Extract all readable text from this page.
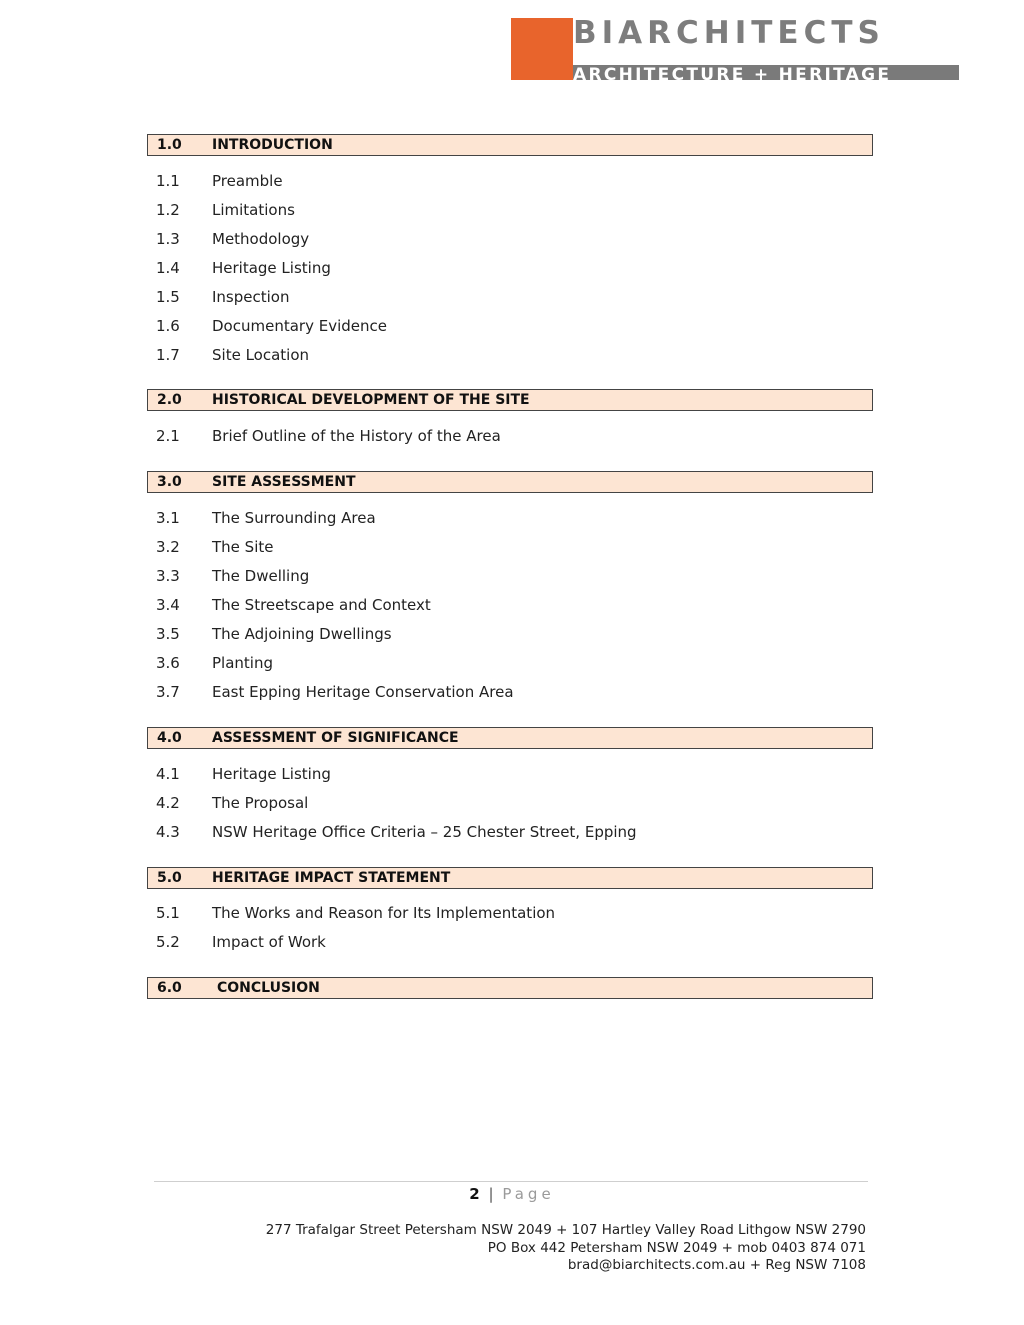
BIARCHITECTS
ARCHITECTURE + HERITAGE
1.0 INTRODUCTION
1.1 Preamble
1.2 Limitations
1.3 Methodology
1.4 Heritage Listing
1.5 Inspection
1.6 Documentary Evidence
1.7 Site Location
2.0 HISTORICAL DEVELOPMENT OF THE SITE
2.1 Brief Outline of the History of the Area
3.0 SITE ASSESSMENT
3.1 The Surrounding Area
3.2 The Site
3.3 The Dwelling
3.4 The Streetscape and Context
3.5 The Adjoining Dwellings
3.6 Planting
3.7 East Epping Heritage Conservation Area
4.0 ASSESSMENT OF SIGNIFICANCE
4.1 Heritage Listing
4.2 The Proposal
4.3 NSW Heritage Office Criteria – 25 Chester Street, Epping
5.0 HERITAGE IMPACT STATEMENT
5.1 The Works and Reason for Its Implementation
5.2 Impact of Work
6.0	CONCLUSION
2 | Page
277 Trafalgar Street Petersham NSW 2049 + 107 Hartley Valley Road Lithgow NSW 2790
PO Box 442 Petersham NSW 2049 + mob 0403 874 071
brad@biarchitects.com.au + Reg NSW 7108
